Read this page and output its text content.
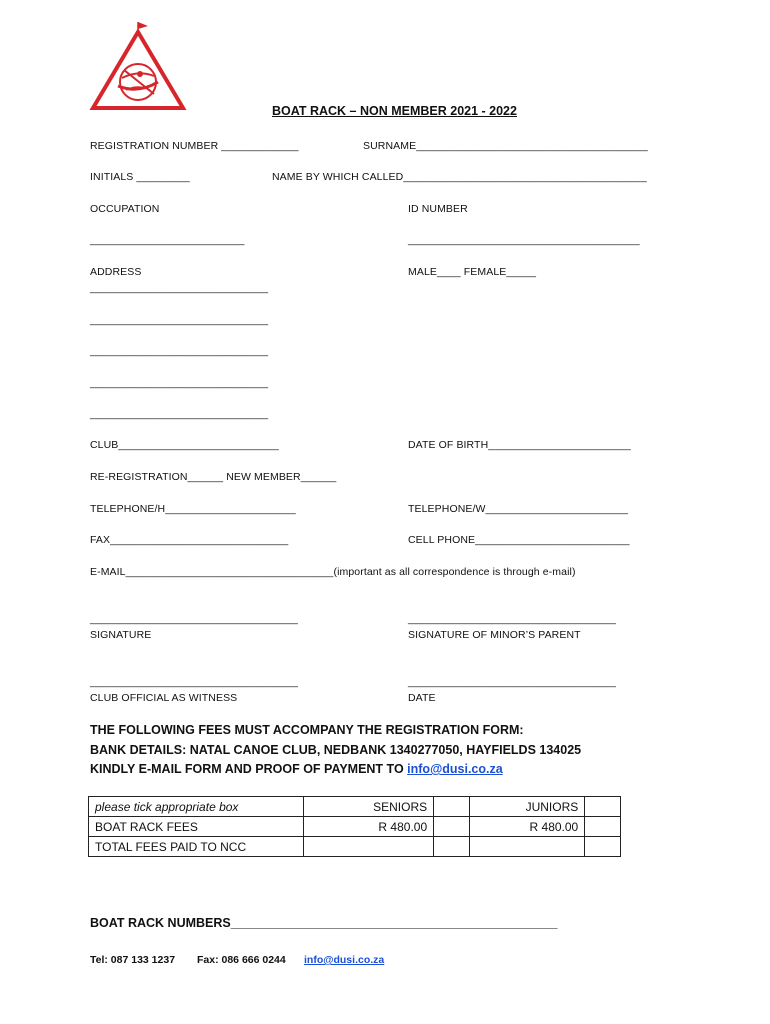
IDUTSIE NATAL KANU CLUB	BOAT RACK – NON MEMBER 2021 - 2022
REGISTRATION NUMBER _____________	SURNAME_______________________________________
INITIALS _________	NAME BY WHICH CALLED_________________________________________
OCCUPATION	ID NUMBER
__________________________	_______________________________________
ADDRESS	MALE____ FEMALE_____
______________________________
______________________________
______________________________
______________________________
______________________________
CLUB___________________________	DATE OF BIRTH________________________
RE-REGISTRATION______ NEW MEMBER______
TELEPHONE/H______________________	TELEPHONE/W________________________
FAX______________________________	CELL PHONE__________________________
E-MAIL___________________________________(important as all correspondence is through e-mail)
___________________________________	___________________________________
SIGNATURE	SIGNATURE OF MINOR’S PARENT
___________________________________	___________________________________
CLUB OFFICIAL AS WITNESS	DATE
THE FOLLOWING FEES MUST ACCOMPANY THE REGISTRATION FORM:
BANK DETAILS: NATAL CANOE CLUB, NEDBANK 1340277050, HAYFIELDS 134025
KINDLY E-MAIL FORM AND PROOF OF PAYMENT TO info@dusi.co.za
please tick appropriate box	SENIORS		JUNIORS	
BOAT RACK FEES	R 480.00		R 480.00	
TOTAL FEES PAID TO NCC				
BOAT RACK NUMBERS_______________________________________________
Tel: 087 133 1237 Fax: 086 666 0244 info@dusi.co.za
